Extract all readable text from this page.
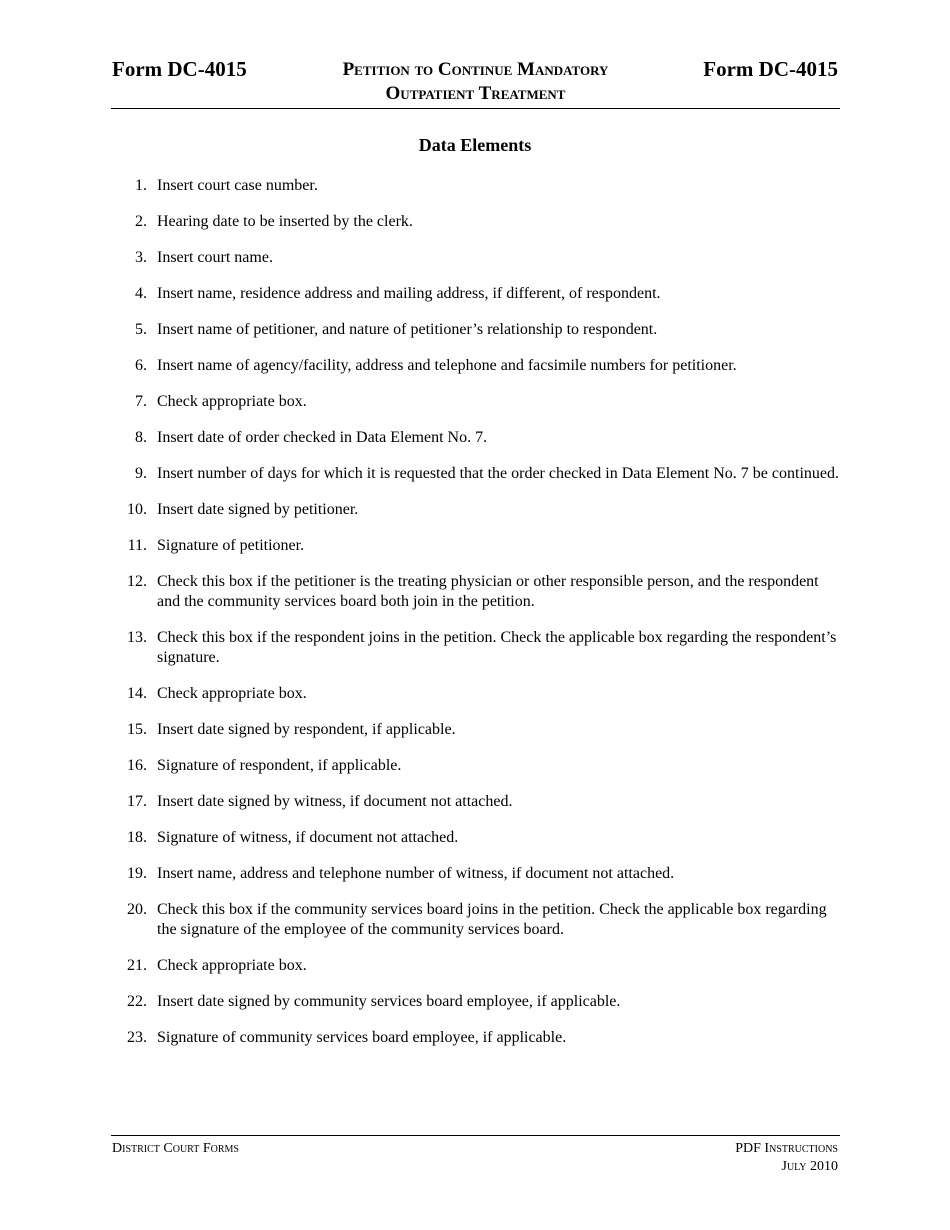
Form DC-4015	Petition to Continue Mandatory
Outpatient Treatment
Form DC-4015
Data Elements
1. Insert court case number.
2. Hearing date to be inserted by the clerk.
3. Insert court name.
4. Insert name, residence address and mailing address, if different, of respondent.
5. Insert name of petitioner, and nature of petitioner’s relationship to respondent.
6. Insert name of agency/facility, address and telephone and facsimile numbers for petitioner.
7. Check appropriate box.
8. Insert date of order checked in Data Element No. 7.
9. Insert number of days for which it is requested that the order checked in Data Element No. 7 be continued.
10. Insert date signed by petitioner.
11. Signature of petitioner.
12. Check this box if the petitioner is the treating physician or other responsible person, and the respondent and the community services board both join in the petition.
13. Check this box if the respondent joins in the petition. Check the applicable box regarding the respondent’s signature.
14. Check appropriate box.
15. Insert date signed by respondent, if applicable.
16. Signature of respondent, if applicable.
17. Insert date signed by witness, if document not attached.
18. Signature of witness, if document not attached.
19. Insert name, address and telephone number of witness, if document not attached.
20. Check this box if the community services board joins in the petition. Check the applicable box regarding the signature of the employee of the community services board.
21. Check appropriate box.
22. Insert date signed by community services board employee, if applicable.
23. Signature of community services board employee, if applicable.
District Court Forms	PDF Instructions
July 2010
